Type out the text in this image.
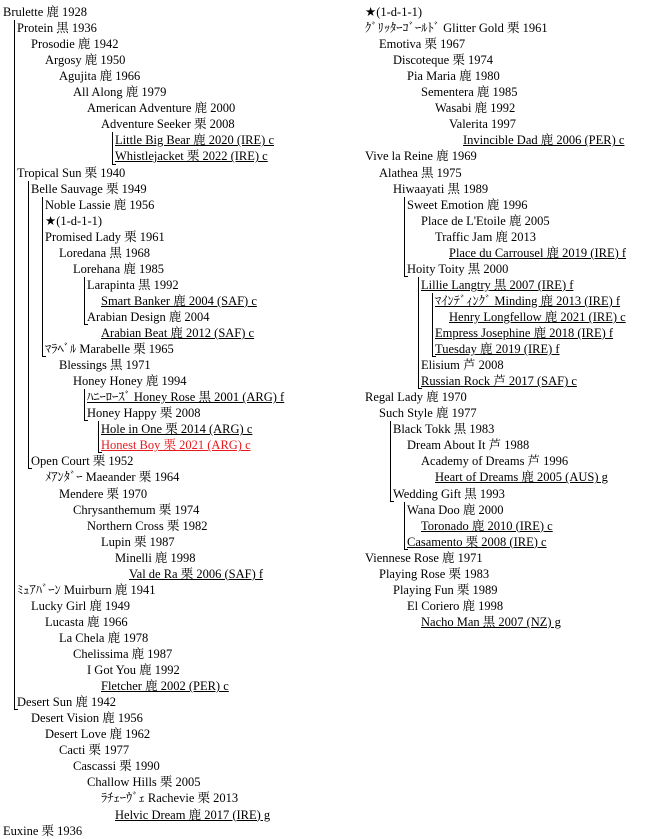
Brulette 鹿 1928
Protein 黒 1936
Prosodie 鹿 1942
Argosy 鹿 1950
Agujita 鹿 1966
All Along 鹿 1979
American Adventure 鹿 2000
Adventure Seeker 栗 2008
Little Big Bear 鹿 2020 (IRE) c
Whistlejacket 栗 2022 (IRE) c
Tropical Sun 栗 1940
Belle Sauvage 栗 1949
Noble Lassie 鹿 1956
★(1-d-1-1)
Promised Lady 栗 1961
Loredana 黒 1968
Lorehana 鹿 1985
Larapinta 黒 1992
Smart Banker 鹿 2004 (SAF) c
Arabian Design 鹿 2004
Arabian Beat 鹿 2012 (SAF) c
ﾏﾗﾍﾞﾙ Marabelle 栗 1965
Blessings 黒 1971
Honey Honey 鹿 1994
ﾊﾆｰﾛｰｽﾞ Honey Rose 黒 2001 (ARG) f
Honey Happy 栗 2008
Hole in One 栗 2014 (ARG) c
Honest Boy 栗 2021 (ARG) c
Open Court 栗 1952
ﾒｱﾝﾀﾞｰ Maeander 栗 1964
Mendere 栗 1970
Chrysanthemum 栗 1974
Northern Cross 栗 1982
Lupin 栗 1987
Minelli 鹿 1998
Val de Ra 栗 2006 (SAF) f
ﾐｭｱﾊﾞｰﾝ Muirburn 鹿 1941
Lucky Girl 鹿 1949
Lucasta 鹿 1966
La Chela 鹿 1978
Chelissima 鹿 1987
I Got You 鹿 1992
Fletcher 鹿 2002 (PER) c
Desert Sun 鹿 1942
Desert Vision 鹿 1956
Desert Love 鹿 1962
Cacti 栗 1977
Cascassi 栗 1990
Challow Hills 栗 2005
ﾗﾁｪｰｳﾞｪ Rachevie 栗 2013
Helvic Dream 鹿 2017 (IRE) g
Euxine 栗 1936
★(1-d-1-1)
ｸﾞﾘｯﾀｰｺﾞｰﾙﾄﾞ Glitter Gold 栗 1961
Emotiva 栗 1967
Discoteque 栗 1974
Pia Maria 鹿 1980
Sementera 鹿 1985
Wasabi 鹿 1992
Valerita 1997
Invincible Dad 鹿 2006 (PER) c
Vive la Reine 鹿 1969
Alathea 黒 1975
Hiwaayati 黒 1989
Sweet Emotion 鹿 1996
Place de L'Etoile 鹿 2005
Traffic Jam 鹿 2013
Place du Carrousel 鹿 2019 (IRE) f
Hoity Toity 黒 2000
Lillie Langtry 黒 2007 (IRE) f
ﾏｲﾝﾃﾞｨﾝｸﾞ Minding 鹿 2013 (IRE) f
Henry Longfellow 鹿 2021 (IRE) c
Empress Josephine 鹿 2018 (IRE) f
Tuesday 鹿 2019 (IRE) f
Elisium 芦 2008
Russian Rock 芦 2017 (SAF) c
Regal Lady 鹿 1970
Such Style 鹿 1977
Black Tokk 黒 1983
Dream About It 芦 1988
Academy of Dreams 芦 1996
Heart of Dreams 鹿 2005 (AUS) g
Wedding Gift 黒 1993
Wana Doo 鹿 2000
Toronado 鹿 2010 (IRE) c
Casamento 栗 2008 (IRE) c
Viennese Rose 鹿 1971
Playing Rose 栗 1983
Playing Fun 栗 1989
El Coriero 鹿 1998
Nacho Man 黒 2007 (NZ) g
